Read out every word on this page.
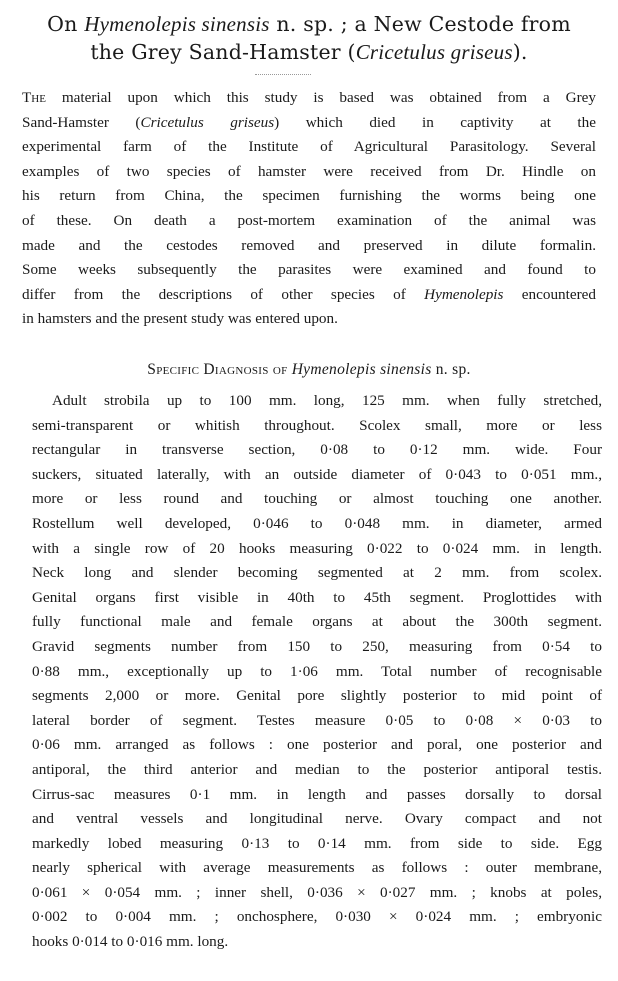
On Hymenolepis sinensis n. sp. ; a New Cestode from
the Grey Sand-Hamster (Cricetulus griseus).
The material upon which this study is based was obtained from a Grey
Sand-Hamster (Cricetulus griseus) which died in captivity at the
experimental farm of the Institute of Agricultural Parasitology. Several
examples of two species of hamster were received from Dr. Hindle on
his return from China, the specimen furnishing the worms being one
of these. On death a post-mortem examination of the animal was
made and the cestodes removed and preserved in dilute formalin.
Some weeks subsequently the parasites were examined and found to
differ from the descriptions of other species of Hymenolepis encountered
in hamsters and the present study was entered upon.
Specific Diagnosis of Hymenolepis sinensis n. sp.
Adult strobila up to 100 mm. long, 125 mm. when fully stretched,
semi-transparent or whitish throughout. Scolex small, more or less
rectangular in transverse section, 0·08 to 0·12 mm. wide. Four
suckers, situated laterally, with an outside diameter of 0·043 to 0·051 mm.,
more or less round and touching or almost touching one another.
Rostellum well developed, 0·046 to 0·048 mm. in diameter, armed
with a single row of 20 hooks measuring 0·022 to 0·024 mm. in length.
Neck long and slender becoming segmented at 2 mm. from scolex.
Genital organs first visible in 40th to 45th segment. Proglottides with
fully functional male and female organs at about the 300th segment.
Gravid segments number from 150 to 250, measuring from 0·54 to
0·88 mm., exceptionally up to 1·06 mm. Total number of recognisable
segments 2,000 or more. Genital pore slightly posterior to mid point of
lateral border of segment. Testes measure 0·05 to 0·08 × 0·03 to
0·06 mm. arranged as follows : one posterior and poral, one posterior and
antiporal, the third anterior and median to the posterior antiporal testis.
Cirrus-sac measures 0·1 mm. in length and passes dorsally to dorsal
and ventral vessels and longitudinal nerve. Ovary compact and not
markedly lobed measuring 0·13 to 0·14 mm. from side to side. Egg
nearly spherical with average measurements as follows : outer membrane,
0·061 × 0·054 mm. ; inner shell, 0·036 × 0·027 mm. ; knobs at poles,
0·002 to 0·004 mm. ; onchosphere, 0·030 × 0·024 mm. ; embryonic
hooks 0·014 to 0·016 mm. long.
